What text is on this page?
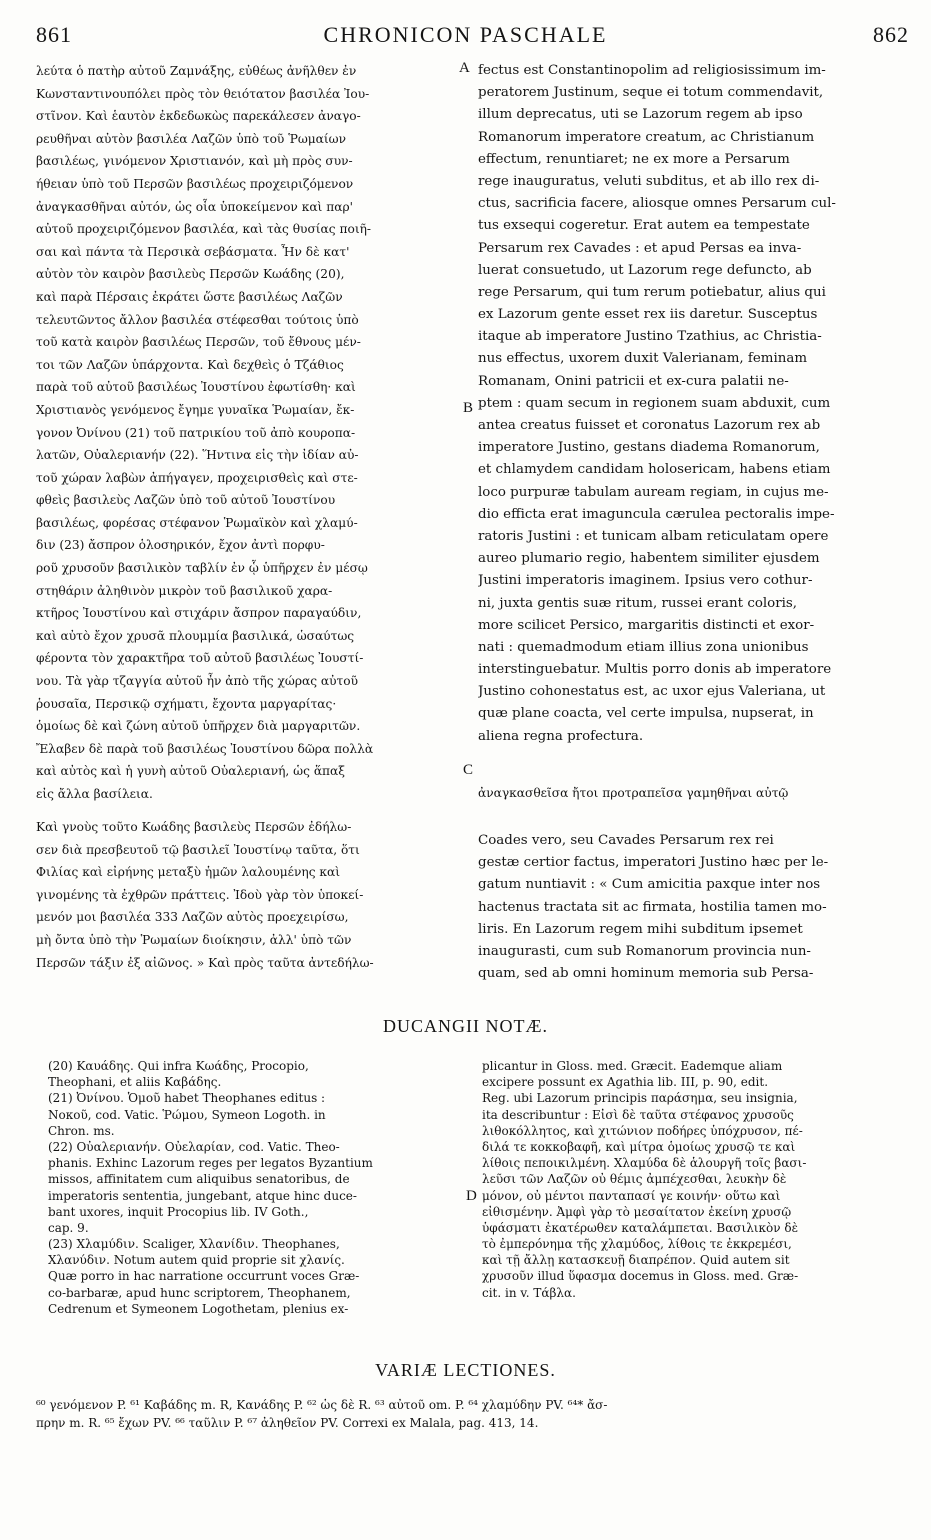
861	CHRONICON PASCHALE	862
λεύτα ὁ πατὴρ αὐτοῦ Ζαμνάξης, εὐθέως ἀνῆλθεν ἐν
Κωνσταντινουπόλει πρὸς τὸν θειότατον βασιλέα Ἰου-
στῖνον. Καὶ ἑαυτὸν ἐκδεδωκὼς παρεκάλεσεν ἀναγο-
ρευθῆναι αὐτὸν βασιλέα Λαζῶν ὑπὸ τοῦ Ῥωμαίων
βασιλέως, γινόμενον Χριστιανόν, καὶ μὴ πρὸς συν-
ήθειαν ὑπὸ τοῦ Περσῶν βασιλέως προχειριζόμενον
ἀναγκασθῆναι αὐτόν, ὡς οἷα ὑποκείμενον καὶ παρ'
αὐτοῦ προχειριζόμενον βασιλέα, καὶ τὰς θυσίας ποιῆ-
σαι καὶ πάντα τὰ Περσικὰ σεβάσματα. Ἦν δὲ κατ'
αὐτὸν τὸν καιρὸν βασιλεὺς Περσῶν Κωάδης (20),
καὶ παρὰ Πέρσαις ἐκράτει ὥστε βασιλέως Λαζῶν
τελευτῶντος ἄλλον βασιλέα στέφεσθαι τούτοις ὑπὸ
τοῦ κατὰ καιρὸν βασιλέως Περσῶν, τοῦ ἔθνους μέν-
τοι τῶν Λαζῶν ὑπάρχοντα. Καὶ δεχθεὶς ὁ Τζάθιος
παρὰ τοῦ αὐτοῦ βασιλέως Ἰουστίνου ἐφωτίσθη· καὶ
Χριστιανὸς γενόμενος ἔγημε γυναῖκα Ῥωμαίαν, ἔκ-
γονον Ὀνίνου (21) τοῦ πατρικίου τοῦ ἀπὸ κουροπα-
λατῶν, Οὐαλεριανήν (22). Ἥντινα εἰς τὴν ἰδίαν αὐ-
τοῦ χώραν λαβὼν ἀπήγαγεν, προχειρισθεὶς καὶ στε-
φθεὶς βασιλεὺς Λαζῶν ὑπὸ τοῦ αὐτοῦ Ἰουστίνου
βασιλέως, φορέσας στέφανον Ῥωμαϊκὸν καὶ χλαμύ-
διν (23) ἄσπρον ὁλοσηρικόν, ἔχον ἀντὶ πορφυ-
ροῦ χρυσοῦν βασιλικὸν ταβλίν ἐν ᾧ ὑπῆρχεν ἐν μέσῳ
στηθάριν ἀληθινὸν μικρὸν τοῦ βασιλικοῦ χαρα-
κτῆρος Ἰουστίνου καὶ στιχάριν ἄσπρον παραγαύδιν,
καὶ αὐτὸ ἔχον χρυσᾶ πλουμμία βασιλικά, ὡσαύτως
φέροντα τὸν χαρακτῆρα τοῦ αὐτοῦ βασιλέως Ἰουστί-
νου. Τὰ γὰρ τζαγγία αὐτοῦ ἦν ἀπὸ τῆς χώρας αὐτοῦ
ῥουσαῖα, Περσικῷ σχήματι, ἔχοντα μαργαρίτας·
ὁμοίως δὲ καὶ ζώνη αὐτοῦ ὑπῆρχεν διὰ μαργαριτῶν.
Ἔλαβεν δὲ παρὰ τοῦ βασιλέως Ἰουστίνου δῶρα πολλὰ
καὶ αὐτὸς καὶ ἡ γυνὴ αὐτοῦ Οὐαλεριανή, ὡς ἅπαξ
εἰς ἄλλα βασίλεια.
fectus est Constantinopolim ad religiosissimum im-
peratorem Justinum, seque ei totum commendavit,
illum deprecatus, uti se Lazorum regem ab ipso
Romanorum imperatore creatum, ac Christianum
effectum, renuntiaret; ne ex more a Persarum
rege inauguratus, veluti subditus, et ab illo rex di-
ctus, sacrificia facere, aliosque omnes Persarum cul-
tus exsequi cogeretur. Erat autem ea tempestate
Persarum rex Cavades : et apud Persas ea inva-
luerat consuetudo, ut Lazorum rege defuncto, ab
rege Persarum, qui tum rerum potiebatur, alius qui
ex Lazorum gente esset rex iis daretur. Susceptus
itaque ab imperatore Justino Tzathius, ac Christia-
nus effectus, uxorem duxit Valerianam, feminam
Romanam, Onini patricii et ex-cura palatii ne-
ptem : quam secum in regionem suam abduxit, cum
antea creatus fuisset et coronatus Lazorum rex ab
imperatore Justino, gestans diadema Romanorum,
et chlamydem candidam holosericam, habens etiam
loco purpuræ tabulam auream regiam, in cujus me-
dio effictа erat imaguncula cærulea pectoralis impe-
ratoris Justini : et tunicam albam reticulatam opere
aureo plumario regio, habentem similiter ejusdem
Justini imperatoris imaginem. Ipsius vero cothur-
ni, juxta gentis suæ ritum, russei erant coloris,
more scilicet Persico, margaritis distincti et exor-
nati : quemadmodum etiam illius zona unionibus
interstinguebatur. Multis porro donis ab imperatore
Justino cohonestatus est, ac uxor ejus Valeriana, ut
quæ plane coacta, vel certe impulsa, nupserat, in
aliena regna profectura.
ἀναγκασθεῖσα ἤτοι προτραπεῖσα γαμηθῆναι αὐτῷ
Καὶ γνοὺς τοῦτο Κωάδης βασιλεὺς Περσῶν ἐδήλω-
σεν διὰ πρεσβευτοῦ τῷ βασιλεῖ Ἰουστίνῳ ταῦτα, ὅτι
Φιλίας καὶ εἰρήνης μεταξὺ ἡμῶν λαλουμένης καὶ
γινομένης τὰ ἐχθρῶν πράττεις. Ἰδοὺ γὰρ τὸν ὑποκεί-
μενόν μοι βασιλέα 333 Λαζῶν αὐτὸς προεχειρίσω,
μὴ ὄντα ὑπὸ τὴν Ῥωμαίων διοίκησιν, ἀλλ' ὑπὸ τῶν
Περσῶν τάξιν ἐξ αἰῶνος. » Καὶ πρὸς ταῦτα ἀντεδήλω-
Coades vero, seu Cavades Persarum rex rei
gestæ certior factus, imperatori Justino hæc per le-
gatum nuntiavit : « Cum amicitia paxque inter nos
hactenus tractata sit ac firmata, hostilia tamen mo-
liris. En Lazorum regem mihi subditum ipsemet
inaugurasti, cum sub Romanorum provincia nun-
quam, sed ab omni hominum memoria sub Persa-
A
B
C
D
DUCANGII NOTÆ.
(20) Καυάδης. Qui infra Κωάδης, Procopio,
Theophani, et aliis Καβάδης.
(21) Ὀνίνου. Ὁμοῦ habet Theophanes editus :
Νοκοῦ, cod. Vatic. Ῥώμου, Symeon Logoth. in
Chron. ms.
(22) Οὐαλεριανήν. Οὐελαρίαν, cod. Vatic. Theo-
phanis. Exhinc Lazorum reges per legatos Byzantium
missos, affinitatem cum aliquibus senatoribus, de
imperatoris sententia, jungebant, atque hinc duce-
bant uxores, inquit Procopius lib. IV Goth.,
cap. 9.
(23) Χλαμύδιν. Scaliger, Χλανίδιν. Theophanes,
Χλανύδιν. Notum autem quid proprie sit χλανίς.
Quæ porro in hac narratione occurrunt voces Græ-
co-barbaræ, apud hunc scriptorem, Theophanem,
Cedrenum et Symeonem Logothetam, plenius ex-
plicantur in Gloss. med. Græcit. Eademque aliam
excipere possunt ex Agathia lib. III, p. 90, edit.
Reg. ubi Lazorum principis παράσημα, seu insignia,
ita describuntur : Εἰσὶ δὲ ταῦτα στέφανος χρυσοῦς
λιθοκόλλητος, καὶ χιτώνιον ποδήρες ὑπόχρυσον, πέ-
διλά τε κοκκοβαφῆ, καὶ μίτρα ὁμοίως χρυσῷ τε καὶ
λίθοις πεποικιλμένη. Χλαμύδα δὲ ἁλουργῆ τοῖς βασι-
λεῦσι τῶν Λαζῶν οὐ θέμις ἀμπέχεσθαι, λευκὴν δὲ
μόνον, οὐ μέντοι πανταπασί γε κοινήν· οὕτω καὶ
εἰθισμένην. Ἀμφὶ γὰρ τὸ μεσαίτατον ἐκείνη χρυσῷ
ὑφάσματι ἐκατέρωθεν καταλάμπεται. Βασιλικὸν δὲ
τὸ ἐμπερόνημα τῆς χλαμύδος, λίθοις τε ἐκκρεμέσι,
καὶ τῇ ἄλλῃ κατασκευῇ διαπρέπον. Quid autem sit
χρυσοῦν illud ὕφασμα docemus in Gloss. med. Græ-
cit. in v. Τάβλα.
VARIÆ LECTIONES.
⁶⁰ γενόμενον P. ⁶¹ Καβάδης m. R, Κανάδης P. ⁶² ὡς δὲ R. ⁶³ αὐτοῦ om. P. ⁶⁴ χλαμύδην PV. ⁶⁴* ἄσ-
πρην m. R. ⁶⁵ ἔχων PV. ⁶⁶ ταῦλιν P. ⁶⁷ ἀληθεῖον PV. Correxi ex Malala, pag. 413, 14.
